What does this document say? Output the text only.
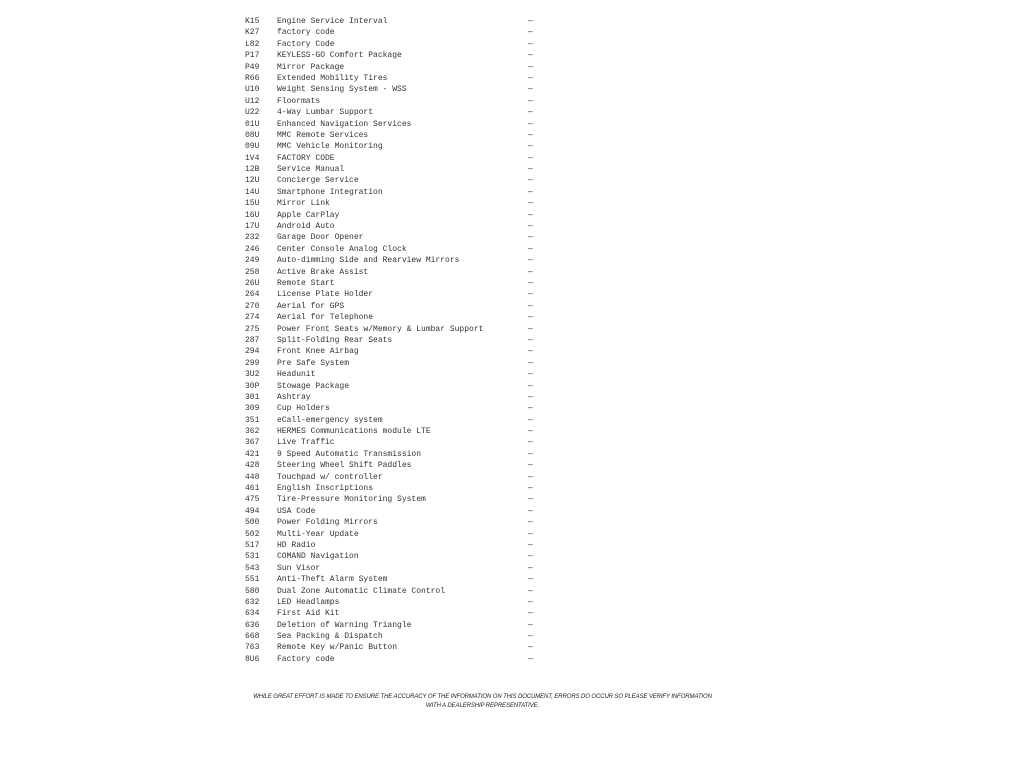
K15 Engine Service Interval	—
K27 factory code	—
L82 Factory Code	—
P17 KEYLESS-GO Comfort Package	—
P49 Mirror Package	—
R66 Extended Mobility Tires	—
U10 Weight Sensing System - WSS	—
U12 Floormats	—
U22 4-Way Lumbar Support	—
01U Enhanced Navigation Services	—
08U MMC Remote Services	—
09U MMC Vehicle Monitoring	—
1V4 FACTORY CODE	—
12B Service Manual	—
12U Concierge Service	—
14U Smartphone Integration	—
15U Mirror Link	—
16U Apple CarPlay	—
17U Android Auto	—
232 Garage Door Opener	—
246 Center Console Analog Clock	—
249 Auto-dimming Side and Rearview Mirrors	—
258 Active Brake Assist	—
26U Remote Start	—
264 License Plate Holder	—
270 Aerial for GPS	—
274 Aerial for Telephone	—
275 Power Front Seats w/Memory & Lumbar Support	—
287 Split-Folding Rear Seats	—
294 Front Knee Airbag	—
299 Pre Safe System	—
3U2 Headunit	—
30P Stowage Package	—
301 Ashtray	—
309 Cup Holders	—
351 eCall-emergency system	—
362 HERMES Communications module LTE	—
367 Live Traffic	—
421 9 Speed Automatic Transmission	—
428 Steering Wheel Shift Paddles	—
448 Touchpad w/ controller	—
461 English Inscriptions	—
475 Tire-Pressure Monitoring System	—
494 USA Code	—
500 Power Folding Mirrors	—
502 Multi-Year Update	—
517 HD Radio	—
531 COMAND Navigation	—
543 Sun Visor	—
551 Anti-Theft Alarm System	—
580 Dual Zone Automatic Climate Control	—
632 LED Headlamps	—
634 First Aid Kit	—
636 Deletion of Warning Triangle	—
668 Sea Packing & Dispatch	—
763 Remote Key w/Panic Button	—
8U6 Factory code	—
WHILE GREAT EFFORT IS MADE TO ENSURE THE ACCURACY OF THE INFORMATION ON THIS DOCUMENT, ERRORS DO OCCUR SO PLEASE VERIFY INFORMATION WITH A DEALERSHIP REPRESENTATIVE.
